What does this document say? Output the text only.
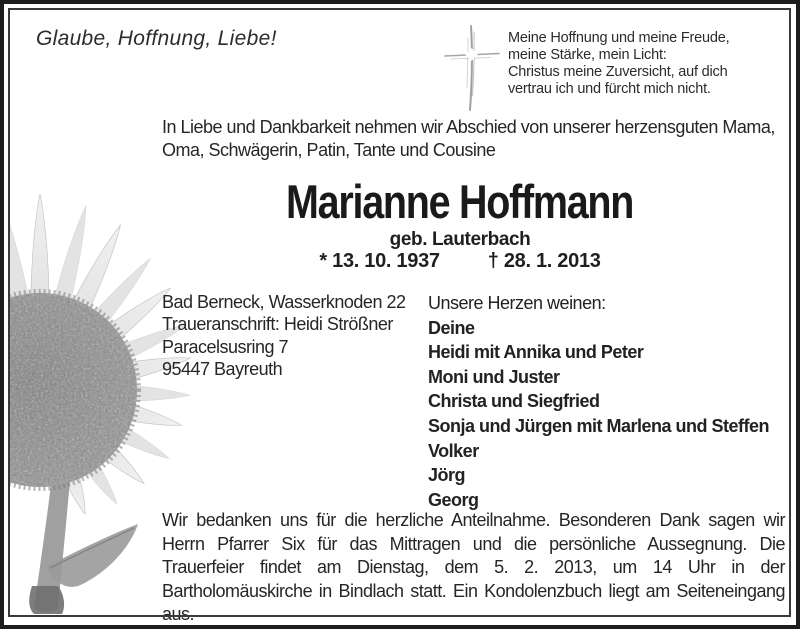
Glaube, Hoffnung, Liebe!	Meine Hoffnung und meine Freude,
meine Stärke, mein Licht:
Christus meine Zuversicht, auf dich
vertrau ich und fürcht mich nicht.
In Liebe und Dankbarkeit nehmen wir Abschied von unserer herzensguten Mama,
Oma, Schwägerin, Patin, Tante und Cousine
Marianne Hoffmann
geb. Lauterbach
* 13. 10. 1937 † 28. 1. 2013
Bad Berneck, Wasserknoden 22
Traueranschrift: Heidi Strößner
Paracelsusring 7
95447 Bayreuth
Unsere Herzen weinen:
Deine
Heidi mit Annika und Peter
Moni und Juster
Christa und Siegfried
Sonja und Jürgen mit Marlena und Steffen
Volker
Jörg
Georg
Wir bedanken uns für die herzliche Anteilnahme. Besonderen Dank sagen wir Herrn Pfarrer Six für das Mittragen und die persönliche Aussegnung. Die Trauerfeier findet am Dienstag, dem 5. 2. 2013, um 14 Uhr in der Bartholomäuskirche in Bindlach statt. Ein Kondolenzbuch liegt am Seiteneingang aus.
